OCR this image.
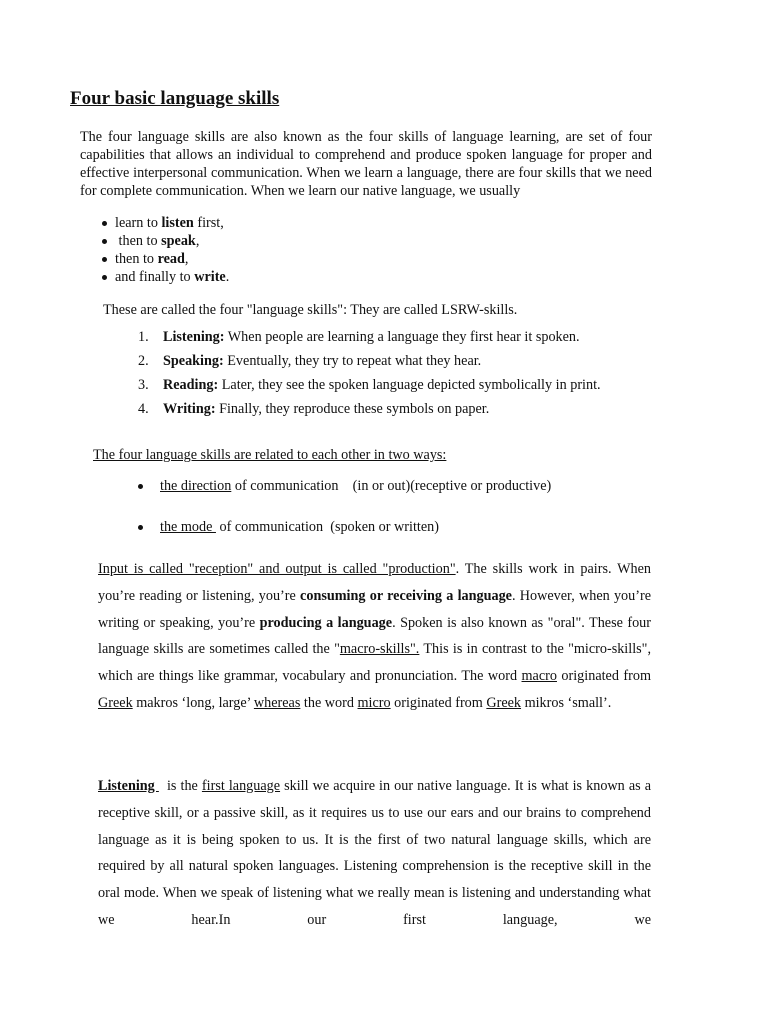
Four basic language skills

The four language skills are also known as the four skills of language learning, are set of four capabilities that allows an individual to comprehend and produce spoken language for proper and effective interpersonal communication. When we learn a language, there are four skills that we need for complete communication. When we learn our native language, we usually

learn to listen first,
then to speak,
then to read,
and finally to write.
These are called the four "language skills": They are called LSRW-skills.
1. Listening: When people are learning a language they first hear it spoken.
2. Speaking: Eventually, they try to repeat what they hear.
3. Reading: Later, they see the spoken language depicted symbolically in print.
4. Writing: Finally, they reproduce these symbols on paper.
The four language skills are related to each other in two ways:
the direction of communication    (in or out)(receptive or productive)
the mode  of communication  (spoken or written)

Input is called "reception" and output is called "production". The skills work in pairs. When you’re reading or listening, you’re consuming or receiving a language. However, when you’re writing or speaking, you’re producing a language. Spoken is also known as "oral". These four language skills are sometimes called the "macro-skills". This is in contrast to the "micro-skills", which are things like grammar, vocabulary and pronunciation. The word macro originated from Greek makros ‘long, large’ whereas the word micro originated from Greek mikros ‘small’.

Listening   is the first language skill we acquire in our native language. It is what is known as a receptive skill, or a passive skill, as it requires us to use our ears and our brains to comprehend language as it is being spoken to us. It is the first of two natural language skills, which are required by all natural spoken languages. Listening comprehension is the receptive skill in the oral mode. When we speak of listening what we really mean is listening and understanding what we hear.In our first language, we
